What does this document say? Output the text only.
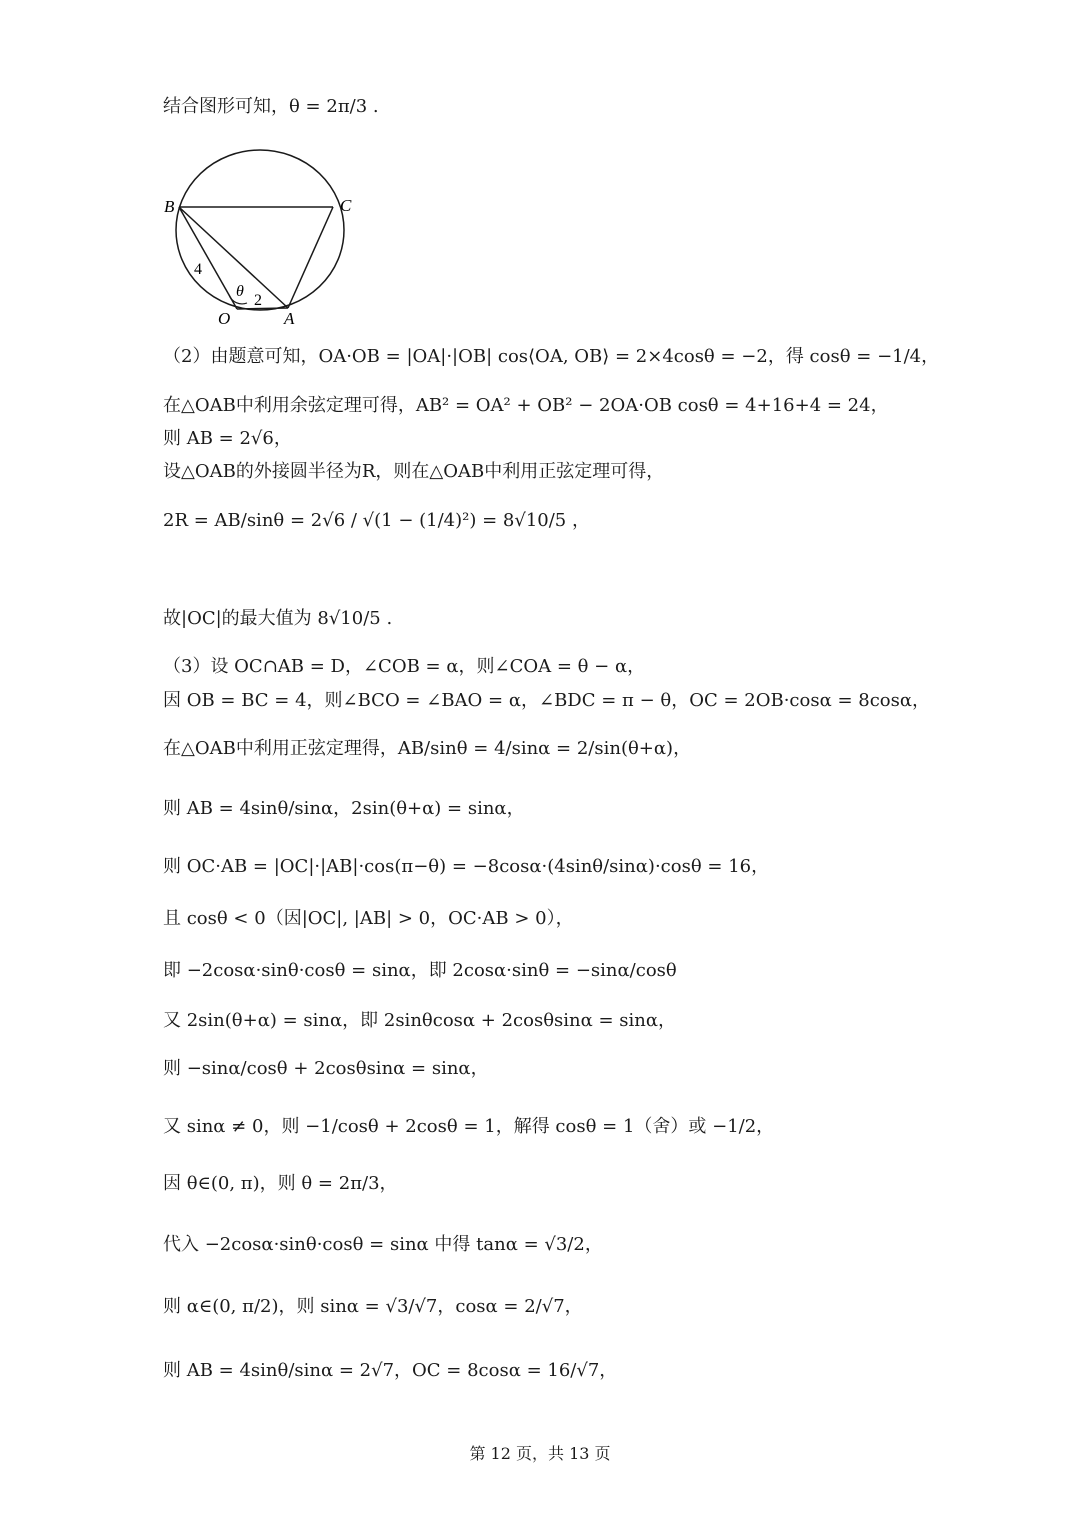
结合图形可知，θ = 2π/3 .
B	C
O	A
θ
4
2
（2）由题意可知，OA·OB = |OA|·|OB| cos⟨OA, OB⟩ = 2×4cosθ = −2，得 cosθ = −1/4，
在△OAB中利用余弦定理可得，AB² = OA² + OB² − 2OA·OB cosθ = 4+16+4 = 24，
则 AB = 2√6，
设△OAB的外接圆半径为R，则在△OAB中利用正弦定理可得，
2R = AB/sinθ = 2√6 / √(1 − (1/4)²) = 8√10/5 ，
故|OC|的最大值为 8√10/5 .
（3）设 OC∩AB = D，∠COB = α，则∠COA = θ − α，
因 OB = BC = 4，则∠BCO = ∠BAO = α，∠BDC = π − θ，OC = 2OB·cosα = 8cosα，
在△OAB中利用正弦定理得，AB/sinθ = 4/sinα = 2/sin(θ+α)，
则 AB = 4sinθ/sinα，2sin(θ+α) = sinα，
则 OC·AB = |OC|·|AB|·cos(π−θ) = −8cosα·(4sinθ/sinα)·cosθ = 16，
且 cosθ < 0（因|OC|, |AB| > 0，OC·AB > 0），
即 −2cosα·sinθ·cosθ = sinα，即 2cosα·sinθ = −sinα/cosθ
又 2sin(θ+α) = sinα，即 2sinθcosα + 2cosθsinα = sinα，
则 −sinα/cosθ + 2cosθsinα = sinα，
又 sinα ≠ 0，则 −1/cosθ + 2cosθ = 1，解得 cosθ = 1（舍）或 −1/2，
因 θ∈(0, π)，则 θ = 2π/3，
代入 −2cosα·sinθ·cosθ = sinα 中得 tanα = √3/2，
则 α∈(0, π/2)，则 sinα = √3/√7，cosα = 2/√7，
则 AB = 4sinθ/sinα = 2√7，OC = 8cosα = 16/√7，
第 12 页，共 13 页
